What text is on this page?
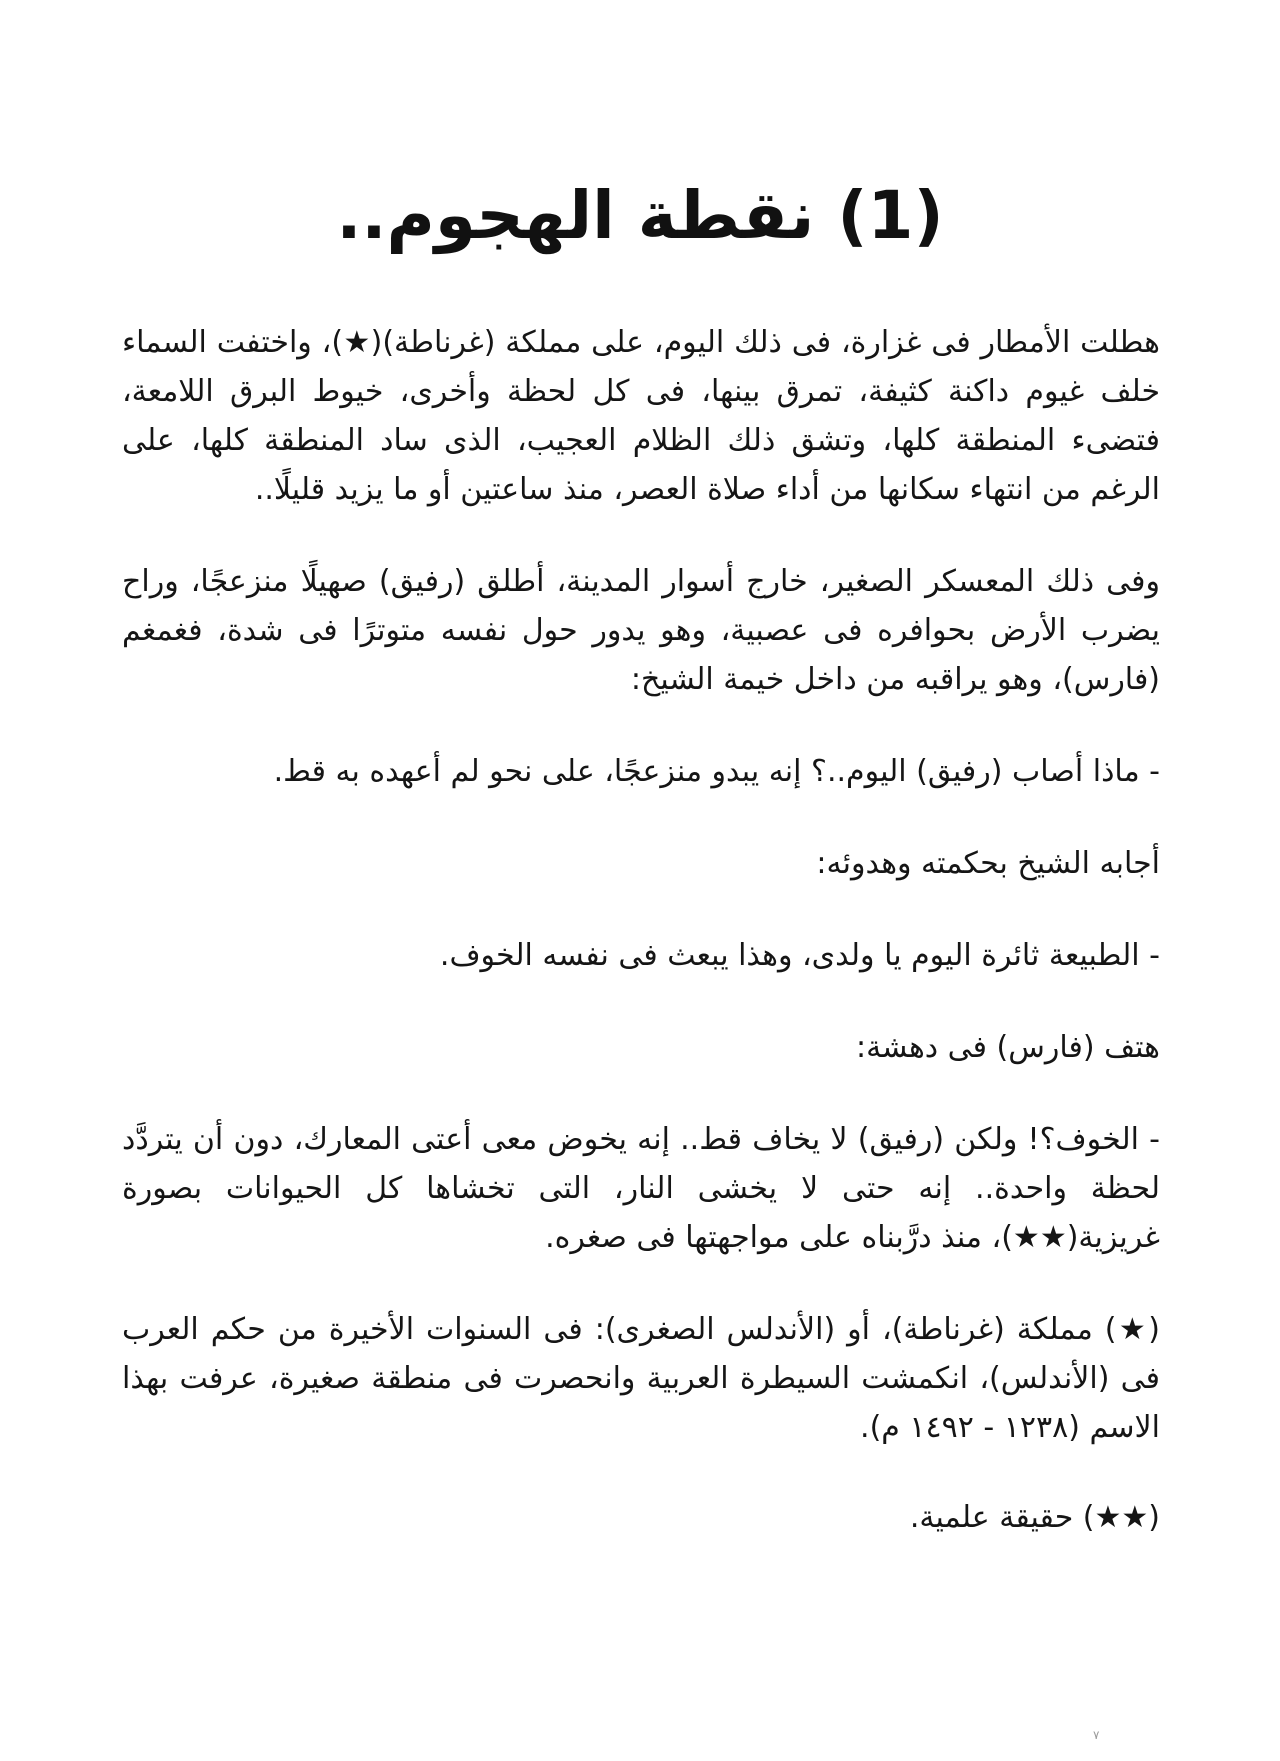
(1) نقطة الهجوم..

هطلت الأمطار فى غزارة، فى ذلك اليوم، على مملكة (غرناطة)(★)، واختفت السماء خلف غيوم داكنة كثيفة، تمرق بينها، فى كل لحظة وأخرى، خيوط البرق اللامعة، فتضىء المنطقة كلها، وتشق ذلك الظلام العجيب، الذى ساد المنطقة كلها، على الرغم من انتهاء سكانها من أداء صلاة العصر، منذ ساعتين أو ما يزيد قليلًا..

وفى ذلك المعسكر الصغير، خارج أسوار المدينة، أطلق (رفيق) صهيلًا منزعجًا، وراح يضرب الأرض بحوافره فى عصبية، وهو يدور حول نفسه متوترًا فى شدة، فغمغم (فارس)، وهو يراقبه من داخل خيمة الشيخ:

- ماذا أصاب (رفيق) اليوم..؟ إنه يبدو منزعجًا، على نحو لم أعهده به قط.

أجابه الشيخ بحكمته وهدوئه:

- الطبيعة ثائرة اليوم يا ولدى، وهذا يبعث فى نفسه الخوف.

هتف (فارس) فى دهشة:

- الخوف؟! ولكن (رفيق) لا يخاف قط.. إنه يخوض معى أعتى المعارك، دون أن يتردَّد لحظة واحدة.. إنه حتى لا يخشى النار، التى تخشاها كل الحيوانات بصورة غريزية(★★)، منذ درَّبناه على مواجهتها فى صغره.

(★) مملكة (غرناطة)، أو (الأندلس الصغرى): فى السنوات الأخيرة من حكم العرب فى (الأندلس)، انكمشت السيطرة العربية وانحصرت فى منطقة صغيرة، عرفت بهذا الاسم (١٢٣٨ - ١٤٩٢ م).

(★★) حقيقة علمية.

٧
